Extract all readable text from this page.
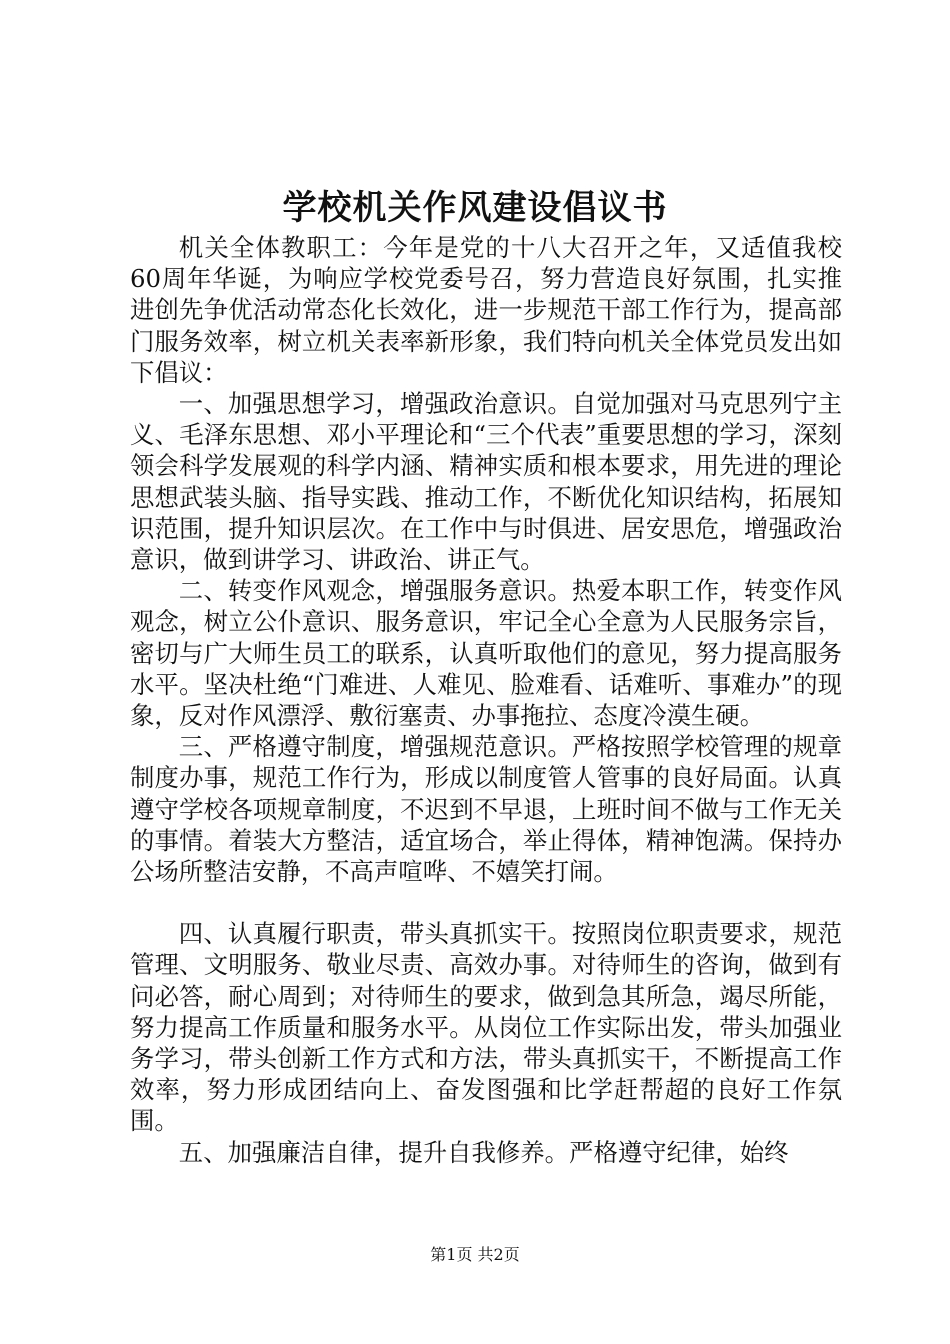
学校机关作风建设倡议书

机关全体教职工：今年是党的十八大召开之年，又适值我校60周年华诞，为响应学校党委号召，努力营造良好氛围，扎实推进创先争优活动常态化长效化，进一步规范干部工作行为，提高部门服务效率，树立机关表率新形象，我们特向机关全体党员发出如下倡议：

一、加强思想学习，增强政治意识。自觉加强对马克思列宁主义、毛泽东思想、邓小平理论和“三个代表”重要思想的学习，深刻领会科学发展观的科学内涵、精神实质和根本要求，用先进的理论思想武装头脑、指导实践、推动工作，不断优化知识结构，拓展知识范围，提升知识层次。在工作中与时俱进、居安思危，增强政治意识，做到讲学习、讲政治、讲正气。

二、转变作风观念，增强服务意识。热爱本职工作，转变作风观念，树立公仆意识、服务意识，牢记全心全意为人民服务宗旨，密切与广大师生员工的联系，认真听取他们的意见，努力提高服务水平。坚决杜绝“门难进、人难见、脸难看、话难听、事难办”的现象，反对作风漂浮、敷衍塞责、办事拖拉、态度冷漠生硬。

三、严格遵守制度，增强规范意识。严格按照学校管理的规章制度办事，规范工作行为，形成以制度管人管事的良好局面。认真遵守学校各项规章制度，不迟到不早退，上班时间不做与工作无关的事情。着装大方整洁，适宜场合，举止得体，精神饱满。保持办公场所整洁安静，不高声喧哗、不嬉笑打闹。

四、认真履行职责，带头真抓实干。按照岗位职责要求，规范管理、文明服务、敬业尽责、高效办事。对待师生的咨询，做到有问必答，耐心周到；对待师生的要求，做到急其所急，竭尽所能，努力提高工作质量和服务水平。从岗位工作实际出发，带头加强业务学习，带头创新工作方式和方法，带头真抓实干，不断提高工作效率，努力形成团结向上、奋发图强和比学赶帮超的良好工作氛围。

五、加强廉洁自律，提升自我修养。严格遵守纪律，始终

第1页 共2页
